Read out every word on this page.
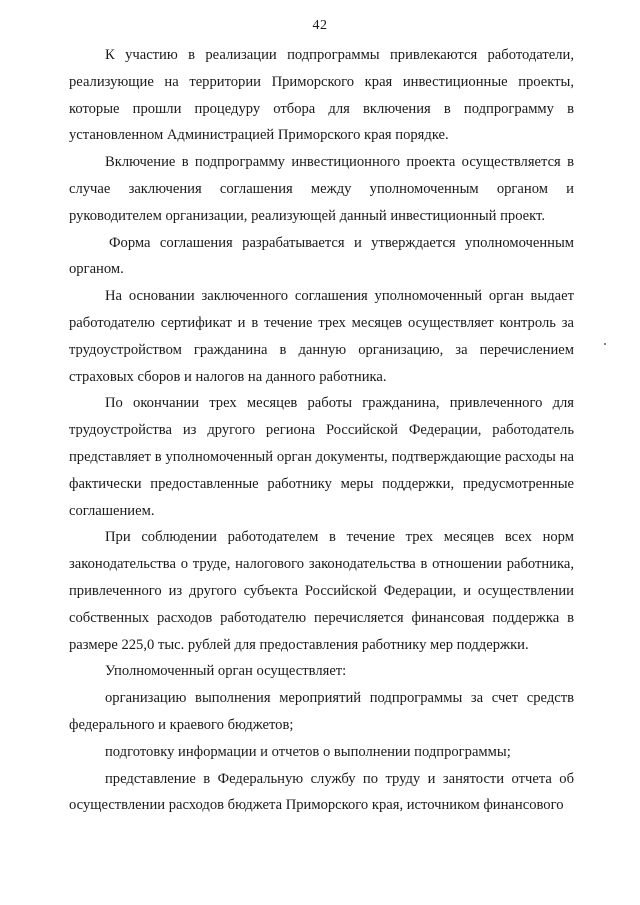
42

К участию в реализации подпрограммы привлекаются работодатели, реализующие на территории Приморского края инвестиционные проекты, которые прошли процедуру отбора для включения в подпрограмму в установленном Администрацией Приморского края порядке.

Включение в подпрограмму инвестиционного проекта осуществляется в случае заключения соглашения между уполномоченным органом и руководителем организации, реализующей данный инвестиционный проект.

Форма соглашения разрабатывается и утверждается уполномоченным органом.

На основании заключенного соглашения уполномоченный орган выдает работодателю сертификат и в течение трех месяцев осуществляет контроль за трудоустройством гражданина в данную организацию, за перечислением страховых сборов и налогов на данного работника.

По окончании трех месяцев работы гражданина, привлеченного для трудоустройства из другого региона Российской Федерации, работодатель представляет в уполномоченный орган документы, подтверждающие расходы на фактически предоставленные работнику меры поддержки, предусмотренные соглашением.

При соблюдении работодателем в течение трех месяцев всех норм законодательства о труде, налогового законодательства в отношении работника, привлеченного из другого субъекта Российской Федерации, и осуществлении собственных расходов работодателю перечисляется финансовая поддержка в размере 225,0 тыс. рублей для предоставления работнику мер поддержки.

Уполномоченный орган осуществляет:

организацию выполнения мероприятий подпрограммы за счет средств федерального и краевого бюджетов;

подготовку информации и отчетов о выполнении подпрограммы;

представление в Федеральную службу по труду и занятости отчета об осуществлении расходов бюджета Приморского края, источником финансового
